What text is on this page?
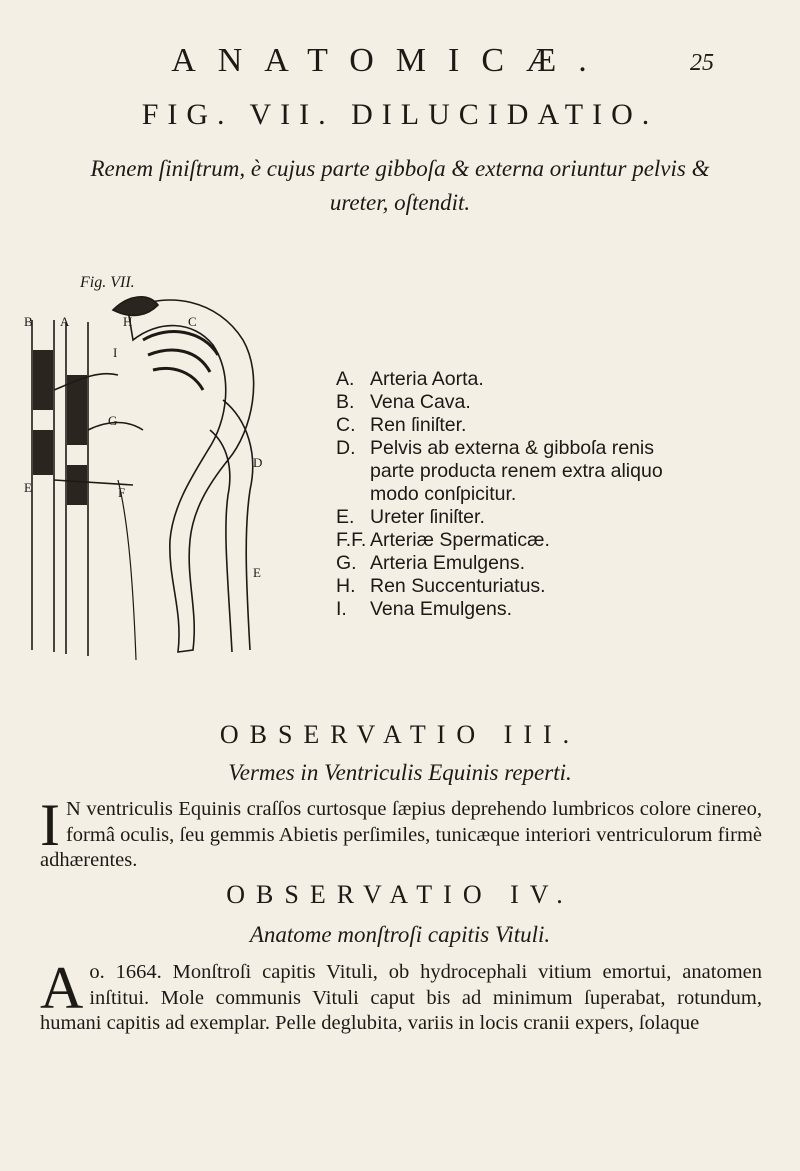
ANATOMICÆ.	25
FIG. VII. DILUCIDATIO.
Renem ſiniſtrum, è cujus parte gibboſa & externa oriuntur pelvis & ureter, oſtendit.
Fig. VII.
B A	H	C
I
G
D
E	F
E
A. Arteria Aorta.
B. Vena Cava.
C. Ren ſiniſter.
D. Pelvis ab externa & gibboſa renis parte producta renem extra aliquo modo conſpicitur.
E. Ureter ſiniſter.
F.F. Arteriæ Spermaticæ.
G. Arteria Emulgens.
H. Ren Succenturiatus.
I. Vena Emulgens.
OBSERVATIO III.
Vermes in Ventriculis Equinis reperti.
I N ventriculis Equinis craſſos curtosque ſæpius deprehendo lumbricos colore cinereo, formâ oculis, ſeu gemmis Abietis perſimiles, tunicæque interiori ventriculorum firmè adhærentes.
OBSERVATIO IV.
Anatome monſtroſi capitis Vituli.
A o. 1664. Monſtroſi capitis Vituli, ob hydrocephali vitium emortui, anatomen inſtitui. Mole communis Vituli caput bis ad minimum ſuperabat, rotundum, humani capitis ad exemplar. Pelle deglubita, variis in locis cranii expers, ſolaque
